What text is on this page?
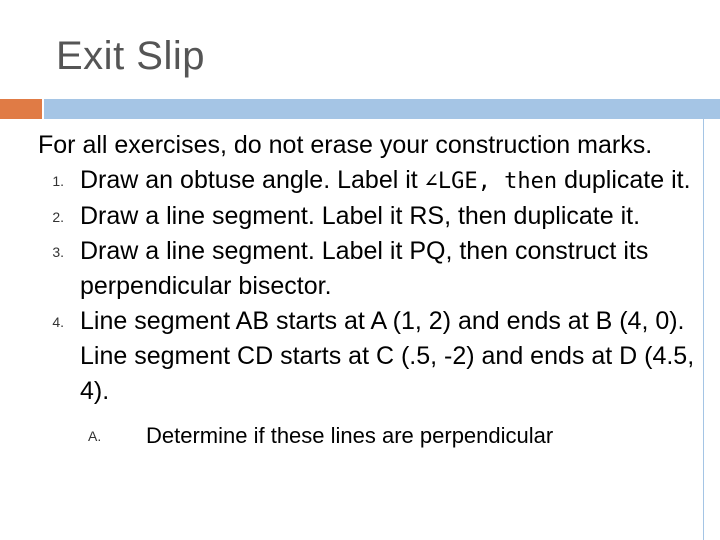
Exit Slip

For all exercises, do not erase your construction marks.

1. Draw an obtuse angle. Label it ∠LGE, then duplicate it.
2. Draw a line segment. Label it RS, then duplicate it.
3. Draw a line segment. Label it PQ, then construct its perpendicular bisector.
4. Line segment AB starts at A (1, 2) and ends at B (4, 0). Line segment CD starts at C (.5, -2) and ends at D (4.5, 4).
A.	Determine if these lines are perpendicular
